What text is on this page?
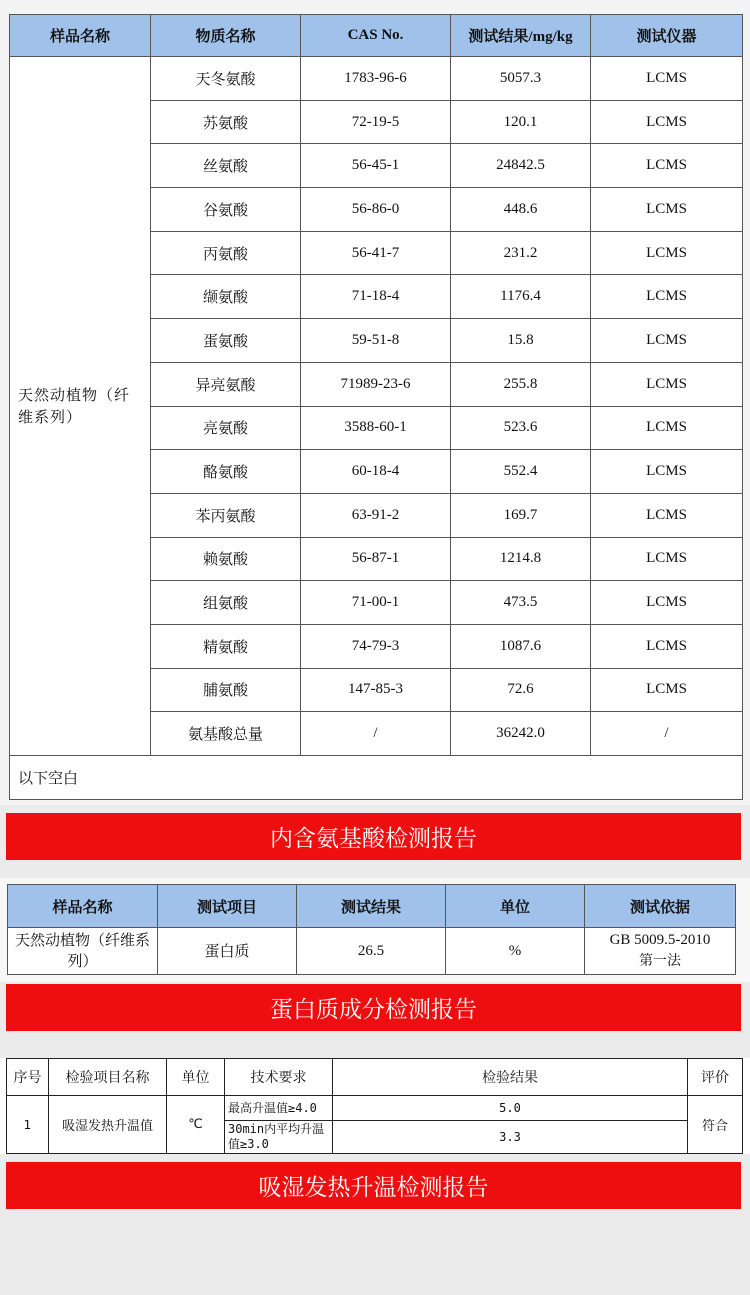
样品名称	物质名称	CAS No.	测试结果/mg/kg	测试仪器
天然动植物（纤维系列）	天冬氨酸	1783-96-6	5057.3	LCMS
	苏氨酸	72-19-5	120.1	LCMS
	丝氨酸	56-45-1	24842.5	LCMS
	谷氨酸	56-86-0	448.6	LCMS
	丙氨酸	56-41-7	231.2	LCMS
	缬氨酸	71-18-4	1176.4	LCMS
	蛋氨酸	59-51-8	15.8	LCMS
	异亮氨酸	71989-23-6	255.8	LCMS
	亮氨酸	3588-60-1	523.6	LCMS
	酪氨酸	60-18-4	552.4	LCMS
	苯丙氨酸	63-91-2	169.7	LCMS
	赖氨酸	56-87-1	1214.8	LCMS
	组氨酸	71-00-1	473.5	LCMS
	精氨酸	74-79-3	1087.6	LCMS
	脯氨酸	147-85-3	72.6	LCMS
	氨基酸总量	/	36242.0	/
以下空白				
内含氨基酸检测报告
样品名称	测试项目	测试结果	单位	测试依据
天然动植物（纤维系列）	蛋白质	26.5	%	GB 5009.5-2010
第一法
蛋白质成分检测报告
序号	检验项目名称	单位	技术要求	检验结果	评价
1	吸湿发热升温值	℃	最高升温值≥4.0	5.0	符合
			30min内平均升温值≥3.0	3.3	
吸湿发热升温检测报告
